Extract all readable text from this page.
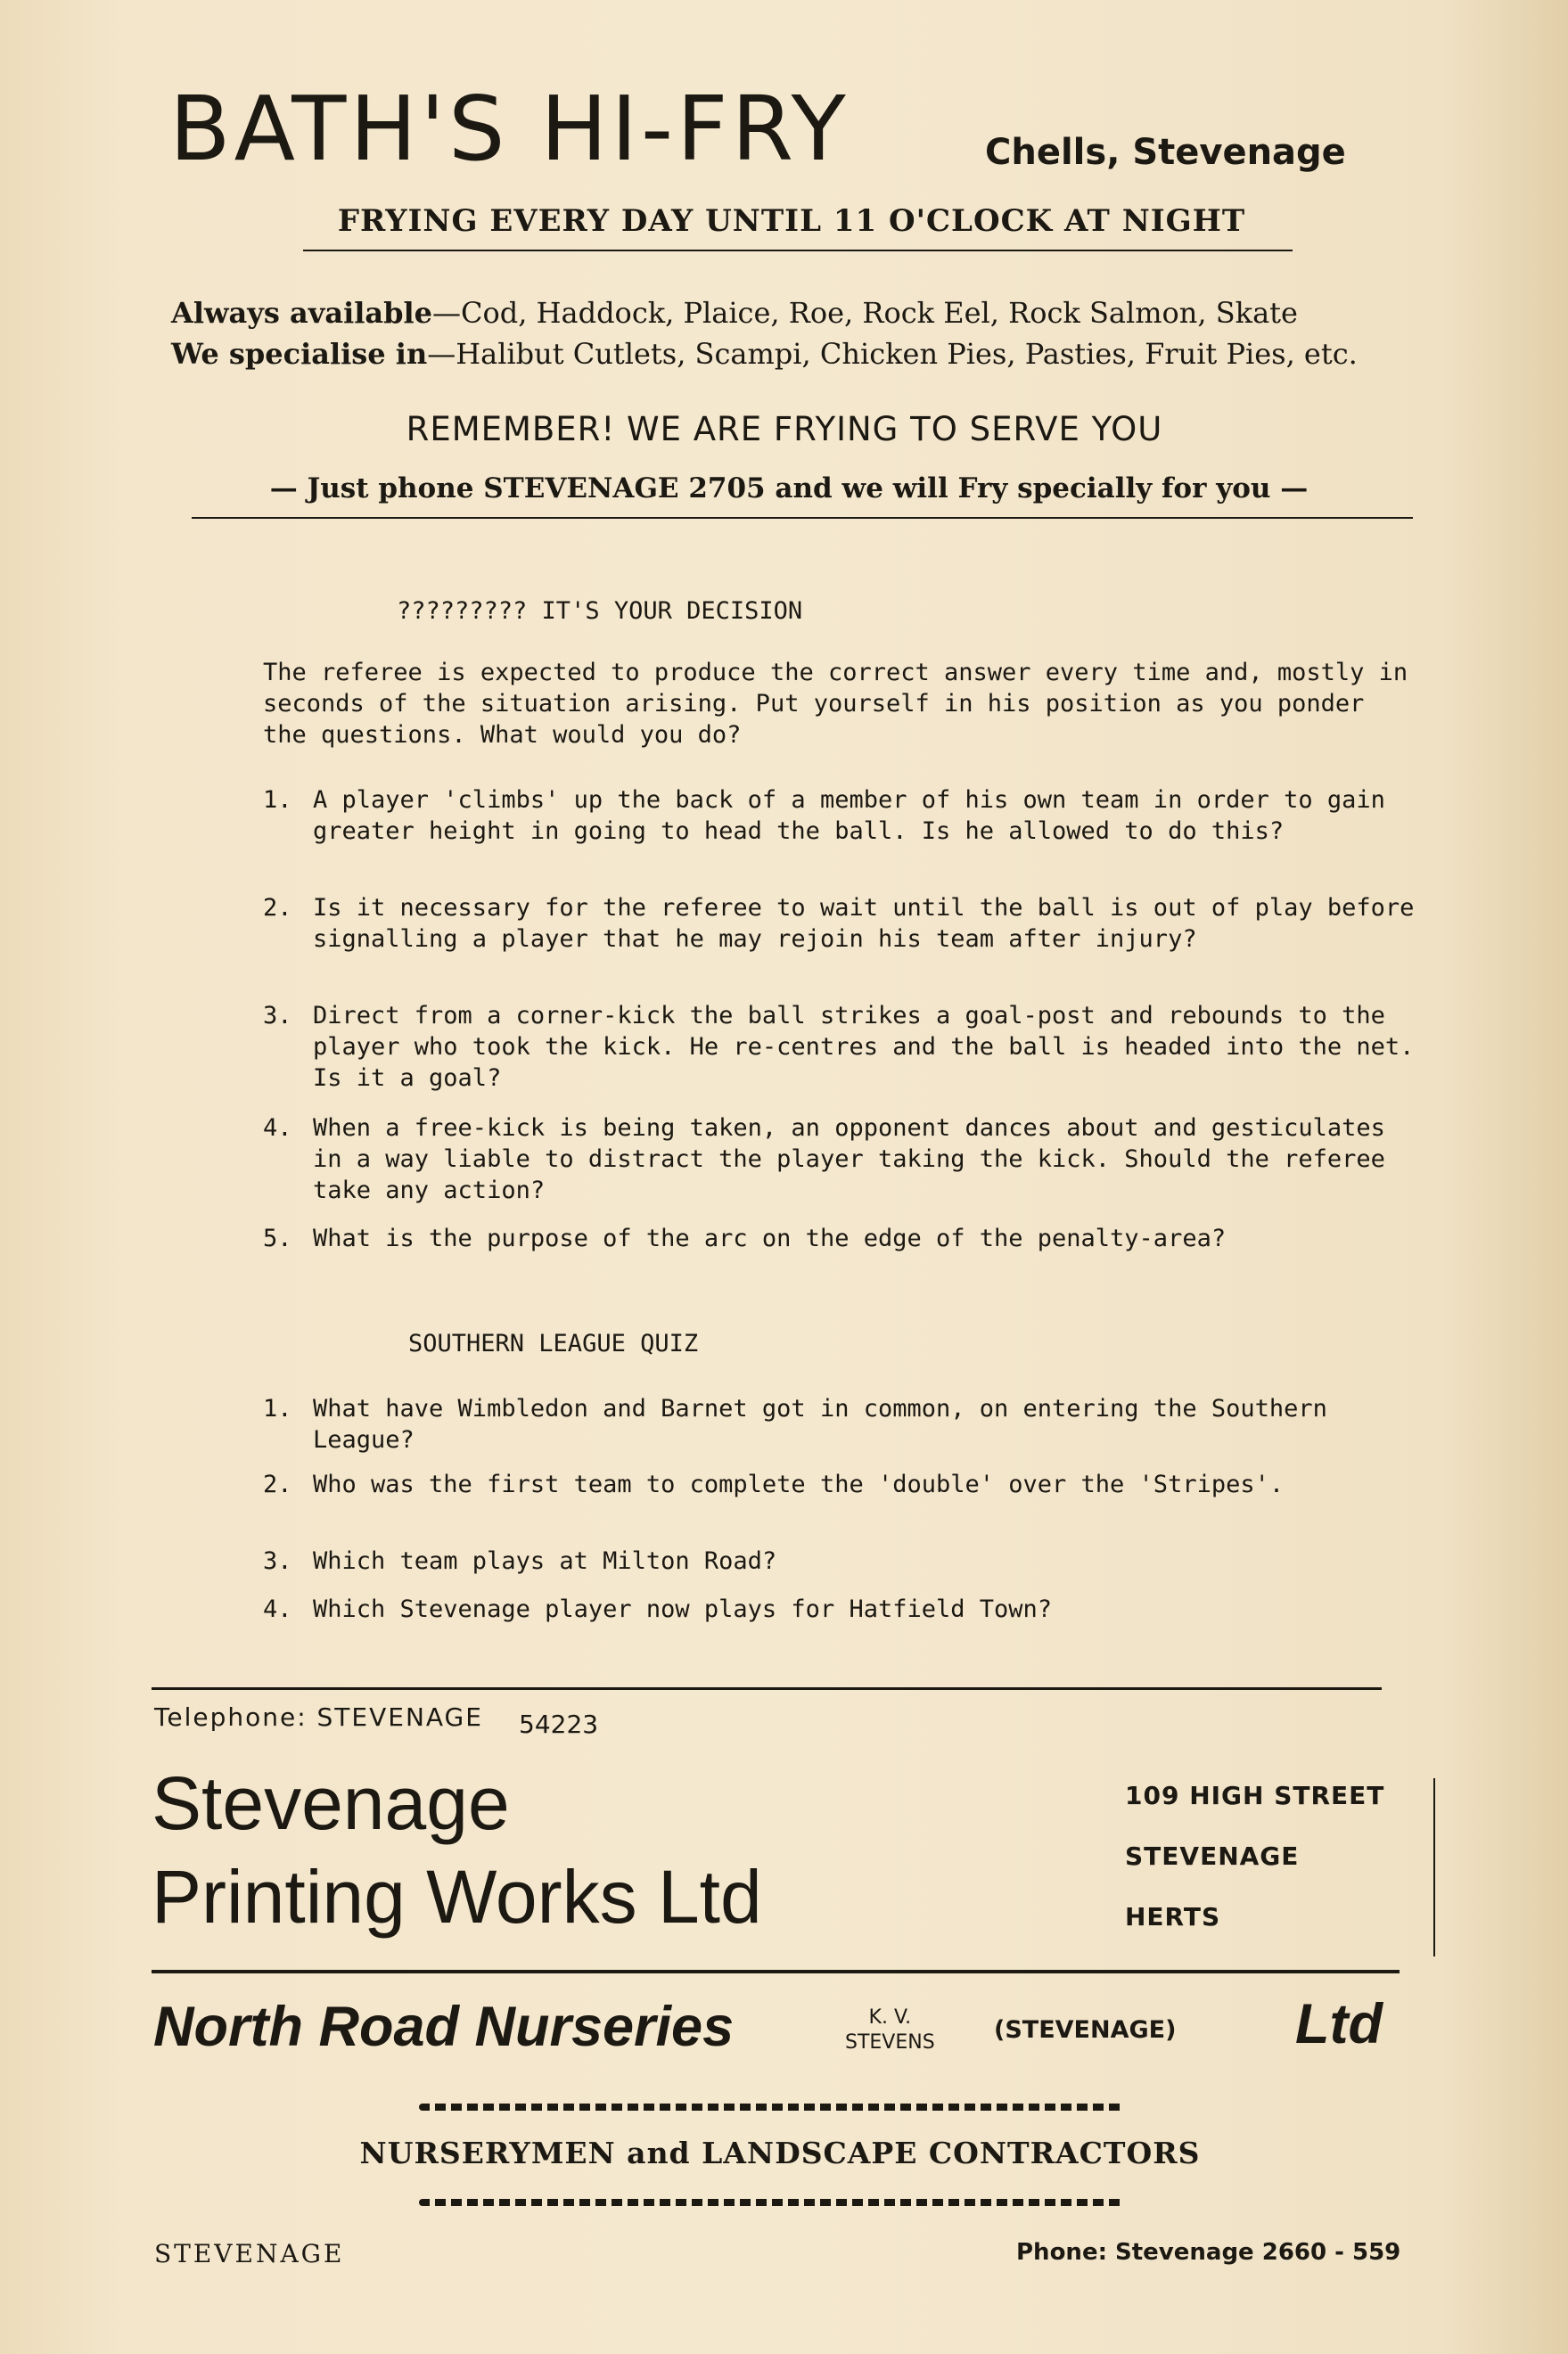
BATH'S HI-FRY	Chells, Stevenage
FRYING EVERY DAY UNTIL 11 O'CLOCK AT NIGHT
Always available—Cod, Haddock, Plaice, Roe, Rock Eel, Rock Salmon, Skate
We specialise in—Halibut Cutlets, Scampi, Chicken Pies, Pasties, Fruit Pies, etc.
REMEMBER! WE ARE FRYING TO SERVE YOU
— Just phone STEVENAGE 2705 and we will Fry specially for you —
????????? IT'S YOUR DECISION
The referee is expected to produce the correct answer every time and, mostly in seconds of the situation arising. Put yourself in his position as you ponder the questions. What would you do?
1. A player 'climbs' up the back of a member of his own team in order to gain greater height in going to head the ball. Is he allowed to do this?
2. Is it necessary for the referee to wait until the ball is out of play before signalling a player that he may rejoin his team after injury?
3. Direct from a corner-kick the ball strikes a goal-post and rebounds to the player who took the kick. He re-centres and the ball is headed into the net. Is it a goal?
4. When a free-kick is being taken, an opponent dances about and gesticulates in a way liable to distract the player taking the kick. Should the referee take any action?
5. What is the purpose of the arc on the edge of the penalty-area?
SOUTHERN LEAGUE QUIZ
1. What have Wimbledon and Barnet got in common, on entering the Southern League?
2. Who was the first team to complete the 'double' over the 'Stripes'.
3. Which team plays at Milton Road?
4. Which Stevenage player now plays for Hatfield Town?
Telephone: STEVENAGE 54223
Stevenage
Printing Works Ltd
109 HIGH STREET
STEVENAGE
HERTS
North Road Nurseries	K. V.
STEVENS (STEVENAGE) Ltd
NURSERYMEN and LANDSCAPE CONTRACTORS
STEVENAGE	Phone: Stevenage 2660 - 559
